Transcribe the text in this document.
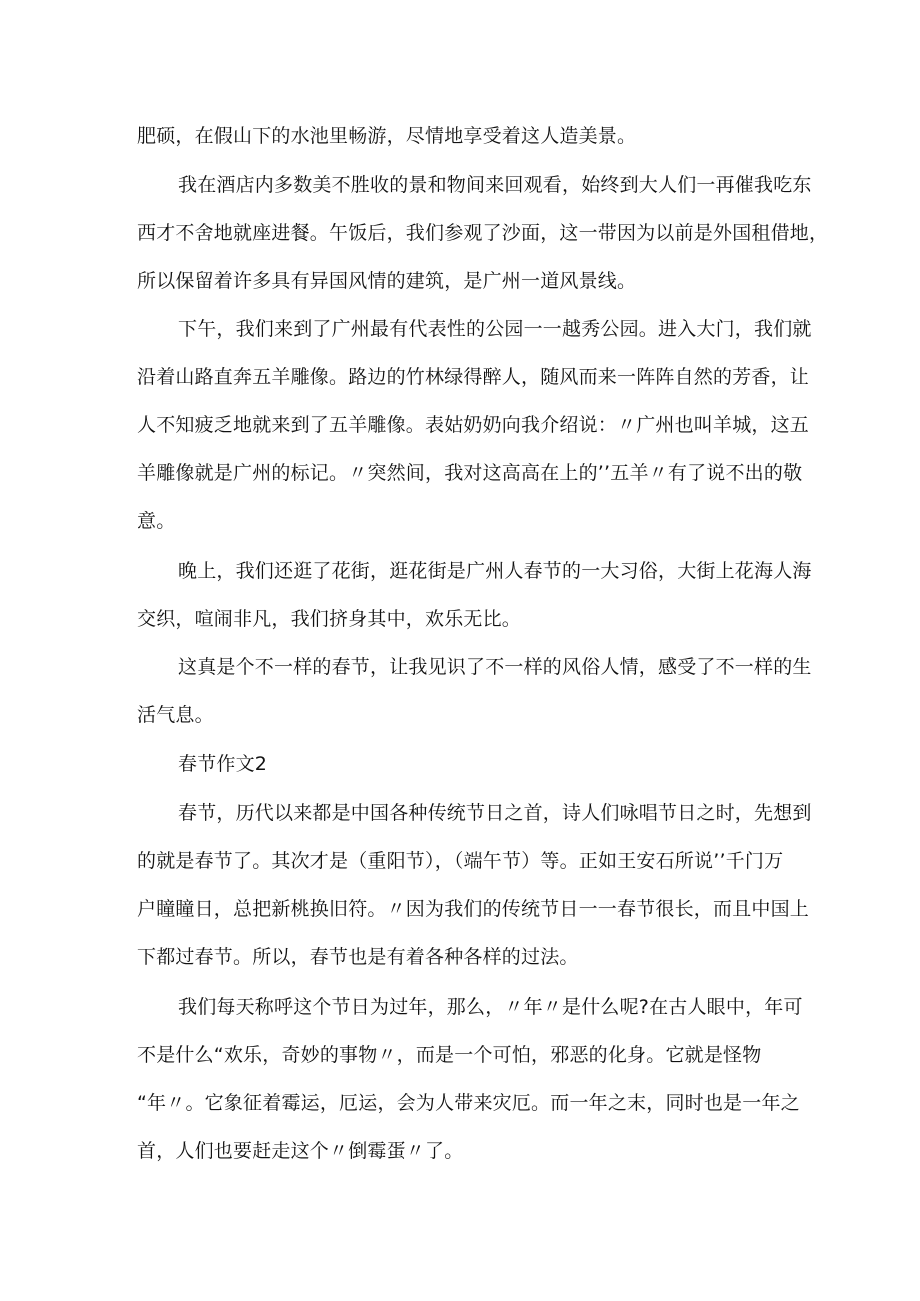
肥硕，在假山下的水池里畅游，尽情地享受着这人造美景。
我在酒店内多数美不胜收的景和物间来回观看，始终到大人们一再催我吃东
西才不舍地就座进餐。午饭后，我们参观了沙面，这一带因为以前是外国租借地，
所以保留着许多具有异国风情的建筑，是广州一道风景线。
下午，我们来到了广州最有代表性的公园一一越秀公园。进入大门，我们就
沿着山路直奔五羊雕像。路边的竹林绿得醉人，随风而来一阵阵自然的芳香，让
人不知疲乏地就来到了五羊雕像。表姑奶奶向我介绍说：〃广州也叫羊城，这五
羊雕像就是广州的标记。〃突然间，我对这高高在上的’’五羊〃有了说不出的敬
意。
晚上，我们还逛了花街，逛花街是广州人春节的一大习俗，大街上花海人海
交织，喧闹非凡，我们挤身其中，欢乐无比。
这真是个不一样的春节，让我见识了不一样的风俗人情，感受了不一样的生
活气息。
春节作文2
春节，历代以来都是中国各种传统节日之首，诗人们咏唱节日之时，先想到
的就是春节了。其次才是（重阳节），（端午节）等。正如王安石所说’’千门万
户瞳瞳日，总把新桃换旧符。〃因为我们的传统节日一一春节很长，而且中国上
下都过春节。所以，春节也是有着各种各样的过法。
我们每天称呼这个节日为过年，那么，〃年〃是什么呢?在古人眼中，年可
不是什么“欢乐，奇妙的事物〃，而是一个可怕，邪恶的化身。它就是怪物
“年〃。它象征着霉运，厄运，会为人带来灾厄。而一年之末，同时也是一年之
首，人们也要赶走这个〃倒霉蛋〃了。
